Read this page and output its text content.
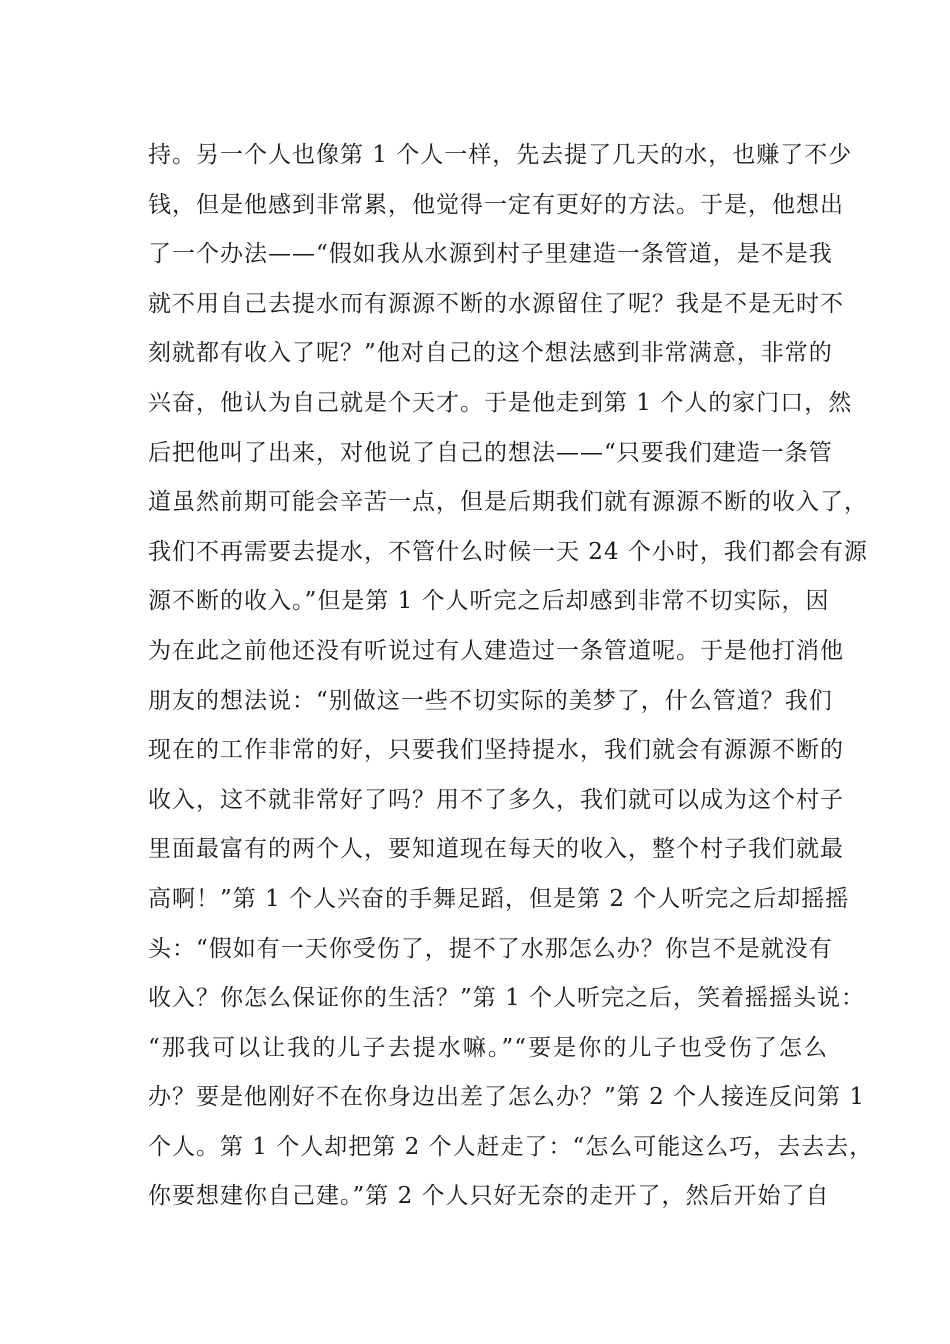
持。另一个人也像第 1 个人一样，先去提了几天的水，也赚了不少
钱，但是他感到非常累，他觉得一定有更好的方法。于是，他想出
了一个办法——“假如我从水源到村子里建造一条管道，是不是我
就不用自己去提水而有源源不断的水源留住了呢？我是不是无时不
刻就都有收入了呢？”他对自己的这个想法感到非常满意，非常的
兴奋，他认为自己就是个天才。于是他走到第 1 个人的家门口，然
后把他叫了出来，对他说了自己的想法——“只要我们建造一条管
道虽然前期可能会辛苦一点，但是后期我们就有源源不断的收入了，
我们不再需要去提水，不管什么时候一天 24 个小时，我们都会有源
源不断的收入。”但是第 1 个人听完之后却感到非常不切实际，因
为在此之前他还没有听说过有人建造过一条管道呢。于是他打消他
朋友的想法说：“别做这一些不切实际的美梦了，什么管道？我们
现在的工作非常的好，只要我们坚持提水，我们就会有源源不断的
收入，这不就非常好了吗？用不了多久，我们就可以成为这个村子
里面最富有的两个人，要知道现在每天的收入，整个村子我们就最
高啊！”第 1 个人兴奋的手舞足蹈，但是第 2 个人听完之后却摇摇
头：“假如有一天你受伤了，提不了水那怎么办？你岂不是就没有
收入？你怎么保证你的生活？”第 1 个人听完之后，笑着摇摇头说：
“那我可以让我的儿子去提水嘛。”“要是你的儿子也受伤了怎么
办？要是他刚好不在你身边出差了怎么办？”第 2 个人接连反问第 1
个人。第 1 个人却把第 2 个人赶走了：“怎么可能这么巧，去去去，
你要想建你自己建。”第 2 个人只好无奈的走开了，然后开始了自
